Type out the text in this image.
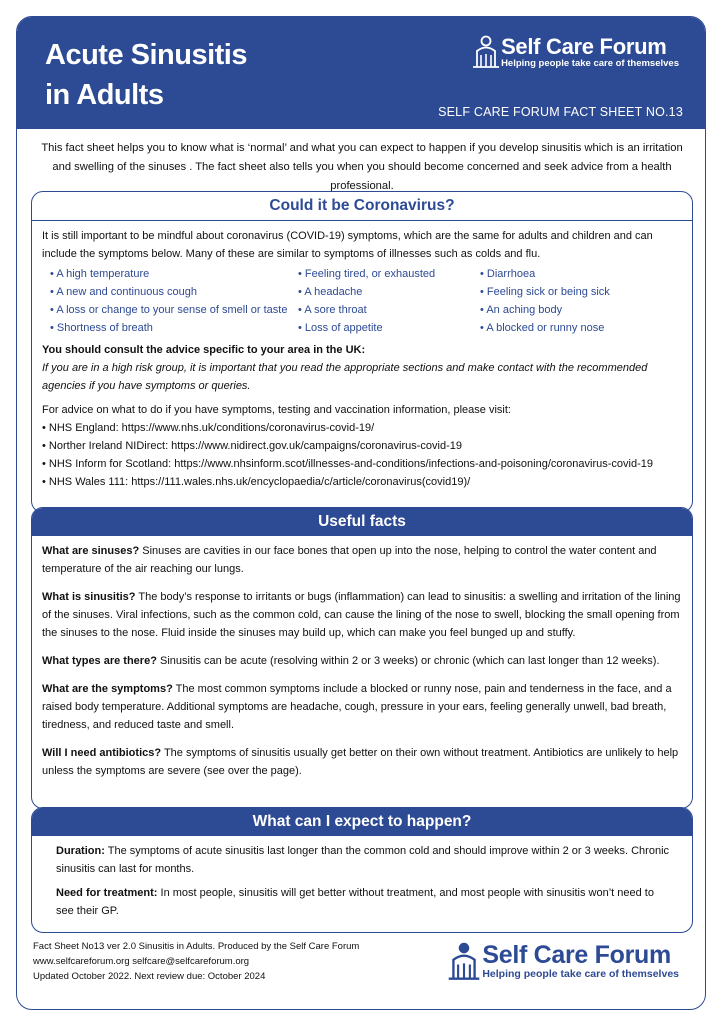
Acute Sinusitis
in Adults
Self Care Forum
Helping people take care of themselves
SELF CARE FORUM FACT SHEET NO.13
This fact sheet helps you to know what is ‘normal’ and what you can expect to happen if you develop sinusitis which is an irritation and swelling of the sinuses . The fact sheet also tells you when you should become concerned and seek advice from a health professional.
Could it be Coronavirus?
It is still important to be mindful about coronavirus (COVID-19) symptoms, which are the same for adults and children and can include the symptoms below. Many of these are similar to symptoms of illnesses such as colds and flu.
• A high temperature
• A new and continuous cough
• A loss or change to your sense of smell or taste
• Shortness of breath
• Feeling tired, or exhausted
• A headache
• A sore throat
• Loss of appetite
• Diarrhoea
• Feeling sick or being sick
• An aching body
• A blocked or runny nose
You should consult the advice specific to your area in the UK:
If you are in a high risk group, it is important that you read the appropriate sections and make contact with the recommended agencies if you have symptoms or queries.
For advice on what to do if you have symptoms, testing and vaccination information, please visit:
• NHS England: https://www.nhs.uk/conditions/coronavirus-covid-19/
• Norther Ireland NIDirect: https://www.nidirect.gov.uk/campaigns/coronavirus-covid-19
• NHS Inform for Scotland: https://www.nhsinform.scot/illnesses-and-conditions/infections-and-poisoning/coronavirus-covid-19
• NHS Wales 111: https://111.wales.nhs.uk/encyclopaedia/c/article/coronavirus(covid19)/
Useful facts

What are sinuses? Sinuses are cavities in our face bones that open up into the nose, helping to control the water content and temperature of the air reaching our lungs.

What is sinusitis? The body’s response to irritants or bugs (inflammation) can lead to sinusitis: a swelling and irritation of the lining of the sinuses. Viral infections, such as the common cold, can cause the lining of the nose to swell, blocking the small opening from the sinuses to the nose. Fluid inside the sinuses may build up, which can make you feel bunged up and stuffy.

What types are there? Sinusitis can be acute (resolving within 2 or 3 weeks) or chronic (which can last longer than 12 weeks).

What are the symptoms? The most common symptoms include a blocked or runny nose, pain and tenderness in the face, and a raised body temperature. Additional symptoms are headache, cough, pressure in your ears, feeling generally unwell, bad breath, tiredness, and reduced taste and smell.

Will I need antibiotics? The symptoms of sinusitis usually get better on their own without treatment. Antibiotics are unlikely to help unless the symptoms are severe (see over the page).

What can I expect to happen?

Duration: The symptoms of acute sinusitis last longer than the common cold and should improve within 2 or 3 weeks. Chronic sinusitis can last for months.

Need for treatment: In most people, sinusitis will get better without treatment, and most people with sinusitis won’t need to see their GP.

Fact Sheet No13 ver 2.0 Sinusitis in Adults. Produced by the Self Care Forum
www.selfcareforum.org selfcare@selfcareforum.org
Updated October 2022. Next review due: October 2024
Self Care Forum
Helping people take care of themselves
